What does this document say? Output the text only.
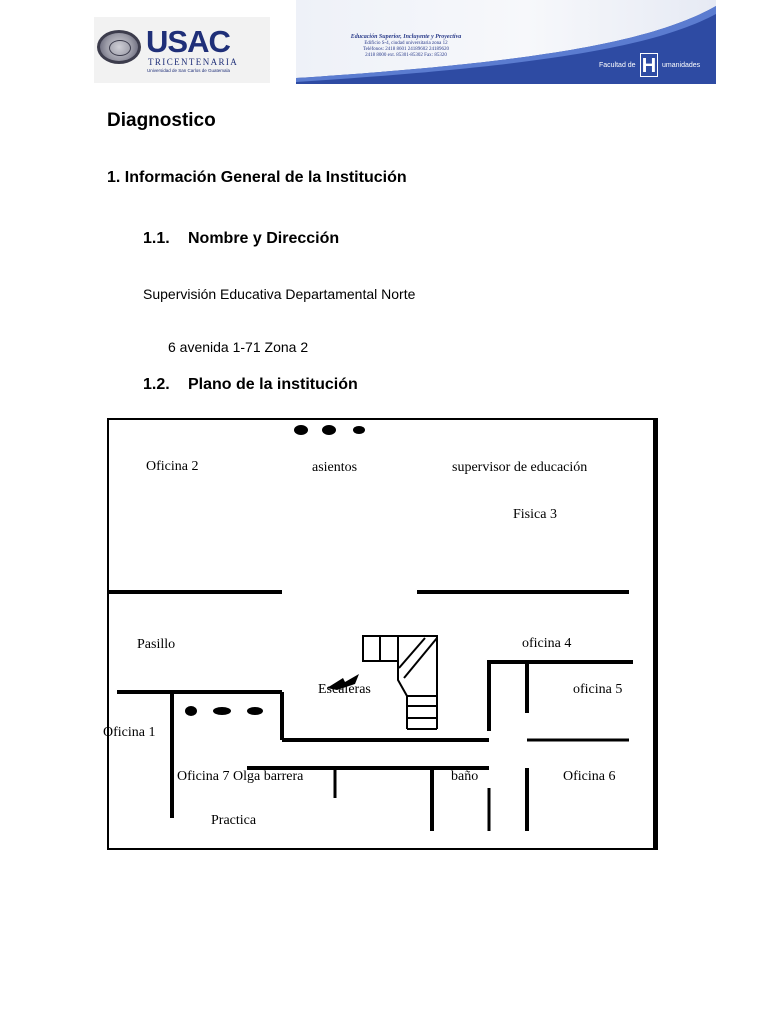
USAC
TRICENTENARIA
Universidad de San Carlos de Guatemala
Educación Superior, Incluyente y Proyectiva
Edificio S-4, ciudad universitaria zona 12
Teléfonos: 2418 8601 24189602 24189620
2418 8000 ext. 85301-85302 Fax: 85320
Facultad de H umanidades
Diagnostico
1. Información General de la Institución
1.1. Nombre y Dirección
Supervisión Educativa Departamental Norte
6 avenida 1-71 Zona 2
1.2. Plano de la institución
Oficina 2	asientos	supervisor de educación
Fisica 3
Pasillo	oficina 4
Escaleras	oficina 5
Oficina 1
Oficina 7 Olga barrera	baño	Oficina 6
Practica
